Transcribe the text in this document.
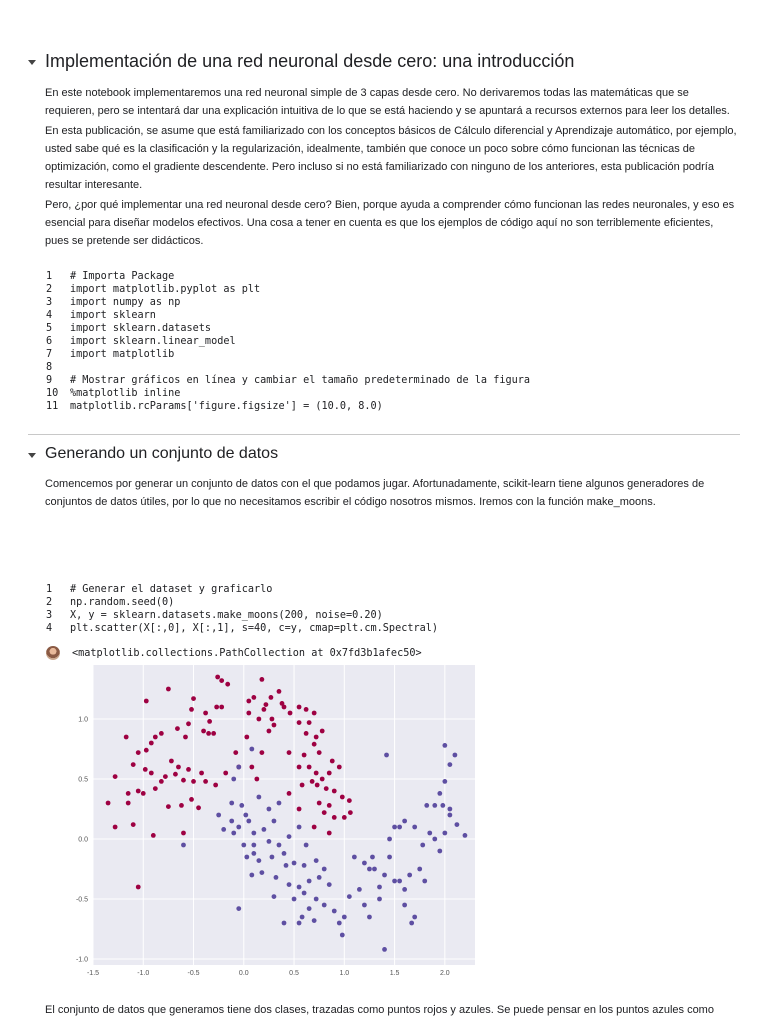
Implementación de una red neuronal desde cero: una introducción

En este notebook implementaremos una red neuronal simple de 3 capas desde cero. No derivaremos todas las matemáticas que se requieren, pero se intentará dar una explicación intuitiva de lo que se está haciendo y se apuntará a recursos externos para leer los detalles.

En esta publicación, se asume que está familiarizado con los conceptos básicos de Cálculo diferencial y Aprendizaje automático, por ejemplo, usted sabe qué es la clasificación y la regularización, idealmente, también que conoce un poco sobre cómo funcionan las técnicas de optimización, como el gradiente descendente. Pero incluso si no está familiarizado con ninguno de los anteriores, esta publicación podría resultar interesante.

Pero, ¿por qué implementar una red neuronal desde cero? Bien, porque ayuda a comprender cómo funcionan las redes neuronales, y eso es esencial para diseñar modelos efectivos. Una cosa a tener en cuenta es que los ejemplos de código aquí no son terriblemente eficientes, pues se pretende ser didácticos.

1 # Importa Package
2 import matplotlib.pyplot as plt
3 import numpy as np
4 import sklearn
5 import sklearn.datasets
6 import sklearn.linear_model
7 import matplotlib
8
9 # Mostrar gráficos en línea y cambiar el tamaño predeterminado de la figura
10 %matplotlib inline
11 matplotlib.rcParams['figure.figsize'] = (10.0, 8.0)
Generando un conjunto de datos

Comencemos por generar un conjunto de datos con el que podamos jugar. Afortunadamente, scikit-learn tiene algunos generadores de conjuntos de datos útiles, por lo que no necesitamos escribir el código nosotros mismos. Iremos con la función make_moons.

1 # Generar el dataset y graficarlo
2 np.random.seed(0)
3 X, y = sklearn.datasets.make_moons(200, noise=0.20)
4 plt.scatter(X[:,0], X[:,1], s=40, c=y, cmap=plt.cm.Spectral)
<matplotlib.collections.PathCollection at 0x7fd3b1afec50>
-1.5	-1.0	-0.5	0.0	0.5	1.0	1.5	2.0
1.0
0.5
0.0
-0.5
-1.0

El conjunto de datos que generamos tiene dos clases, trazadas como puntos rojos y azules. Se puede pensar en los puntos azules como
